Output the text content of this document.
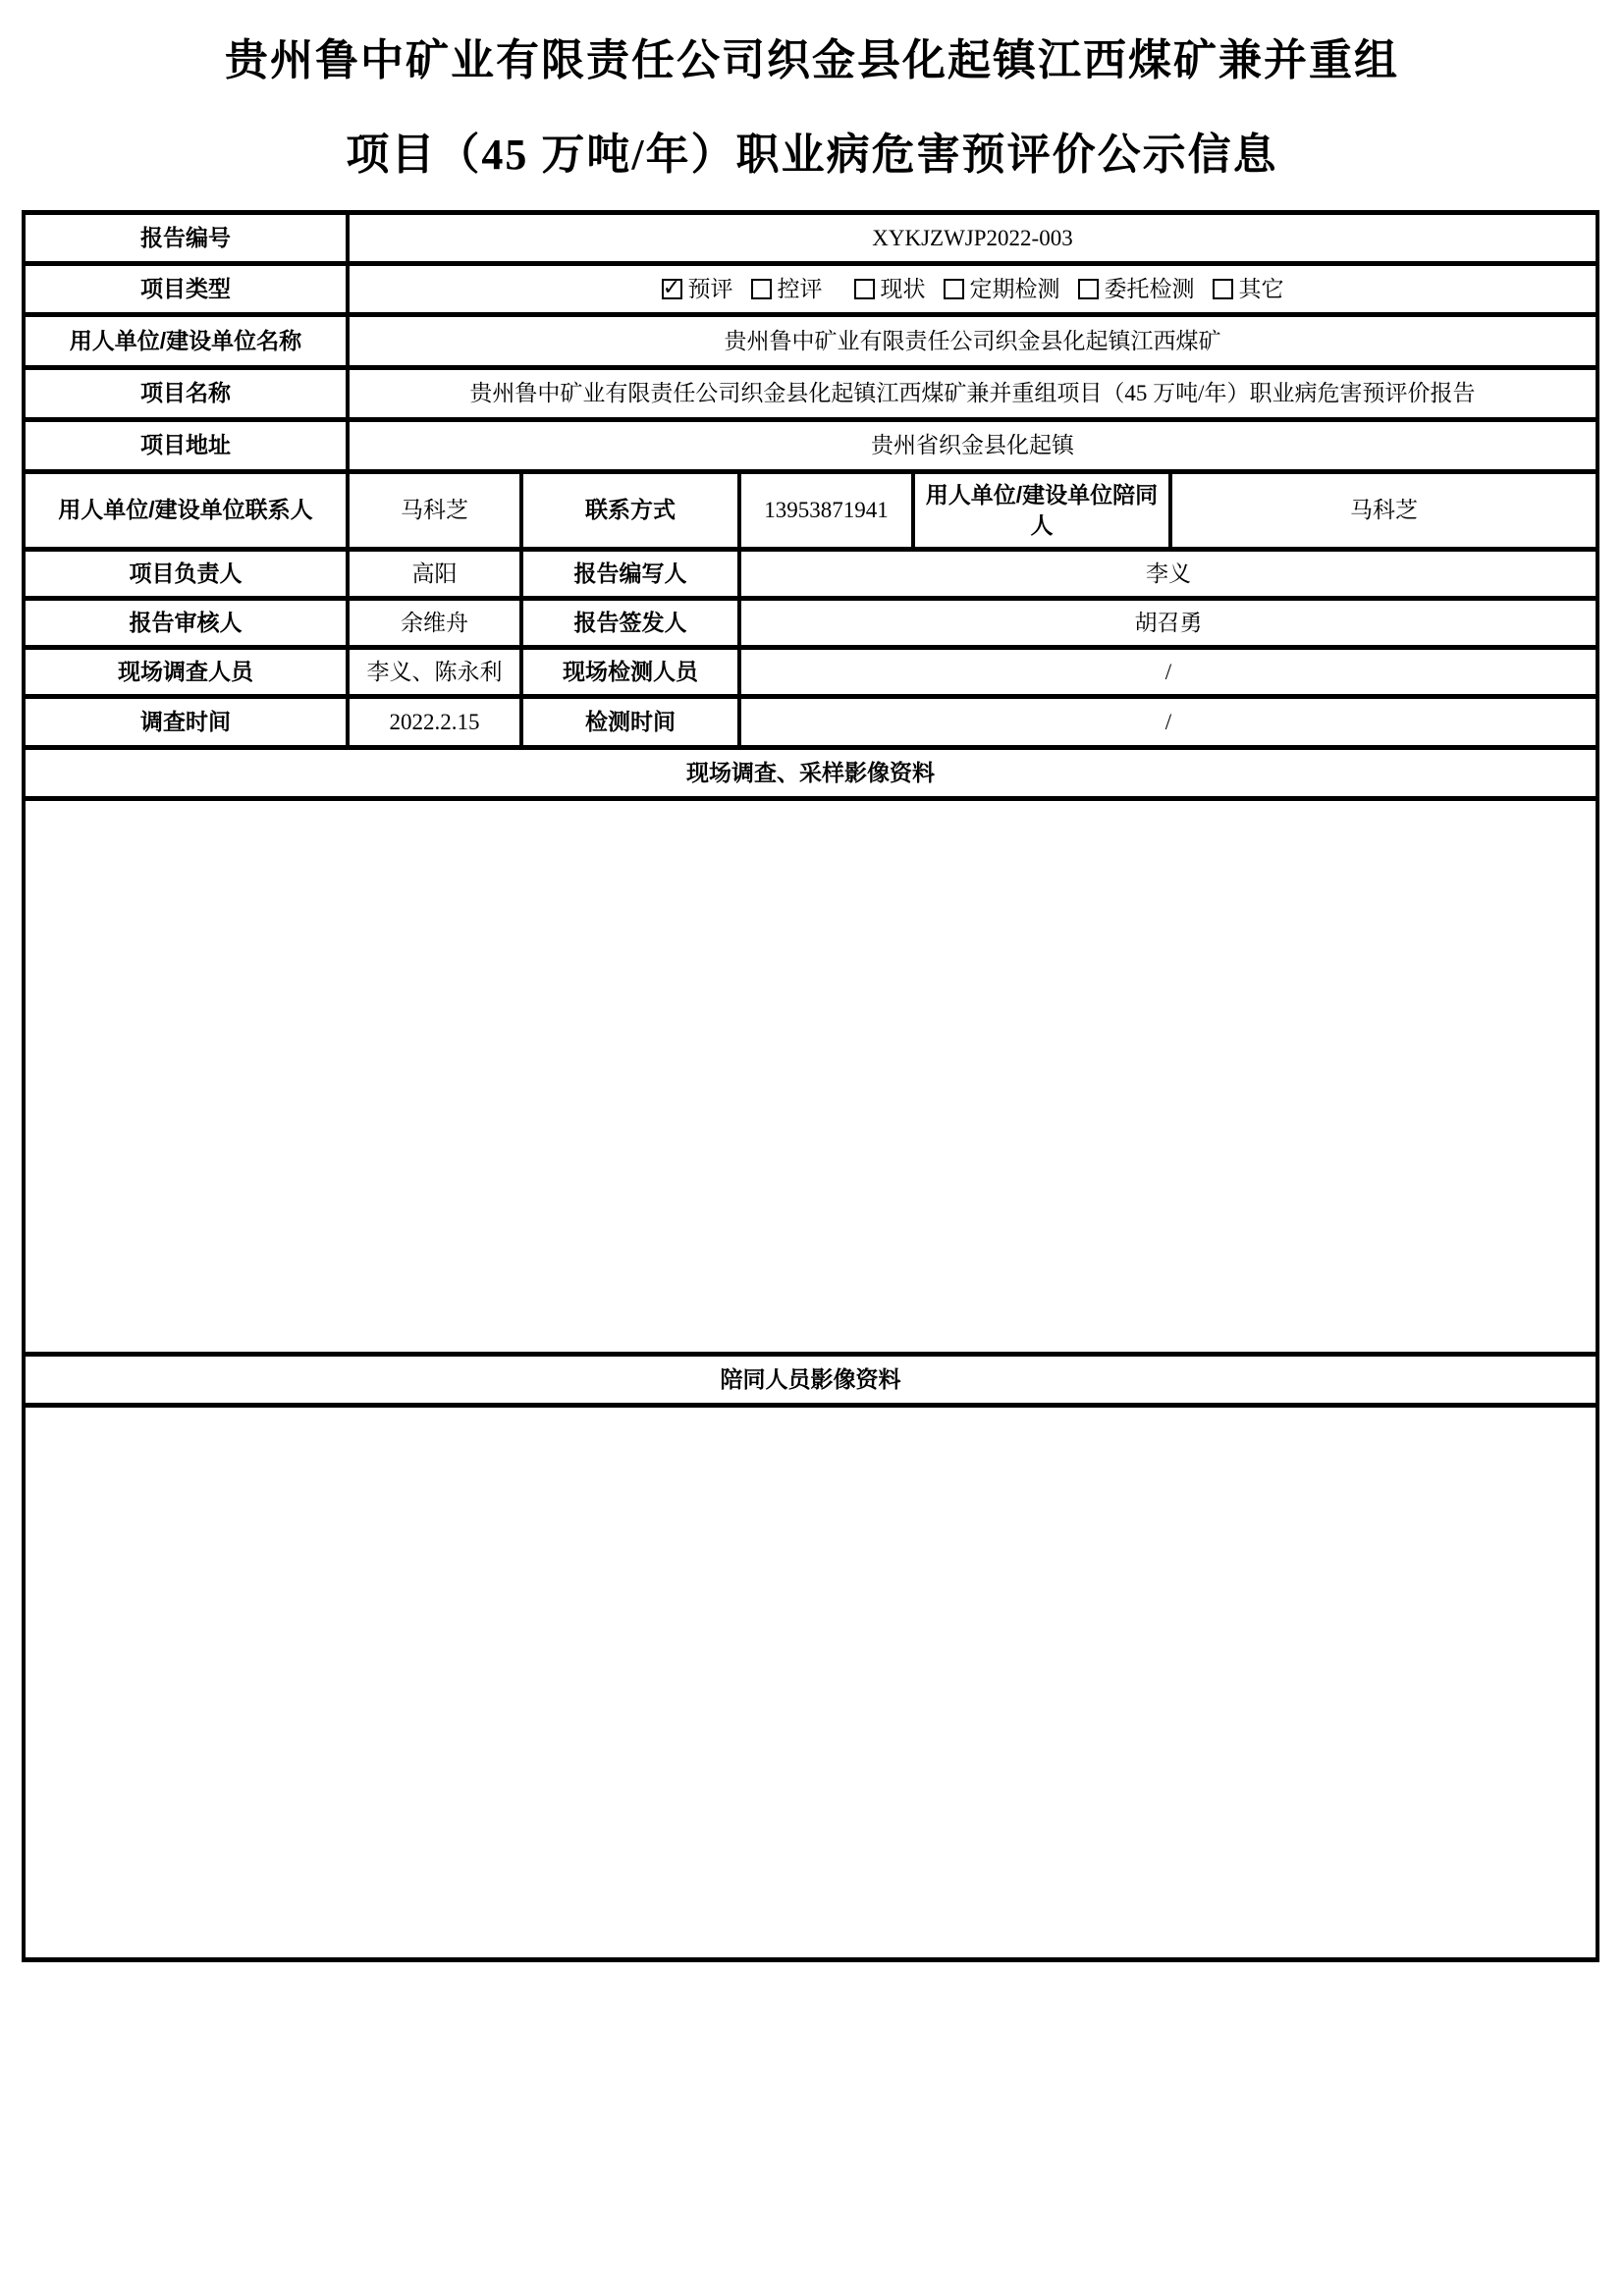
贵州鲁中矿业有限责任公司织金县化起镇江西煤矿兼并重组
项目（45 万吨/年）职业病危害预评价公示信息
报告编号	XYKJZWJP2022-003				
项目类型	✓ 预评 控评	现状 定期检测 委托检测 其它

用人单位/建设单位名称	贵州鲁中矿业有限责任公司织金县化起镇江西煤矿				
项目名称	贵州鲁中矿业有限责任公司织金县化起镇江西煤矿兼并重组项目（45 万吨/年）职业病危害预评价报告				
项目地址	贵州省织金县化起镇				
用人单位/建设单位联系人	马科芝	联系方式	13953871941	用人单位/建设单位陪同人	马科芝
项目负责人	高阳	报告编写人	李义		
报告审核人	余维舟	报告签发人	胡召勇		
现场调查人员	李义、陈永利	现场检测人员	/		
调查时间	2022.2.15	检测时间	/		
现场调查、采样影像资料					

陪同人员影像资料					
